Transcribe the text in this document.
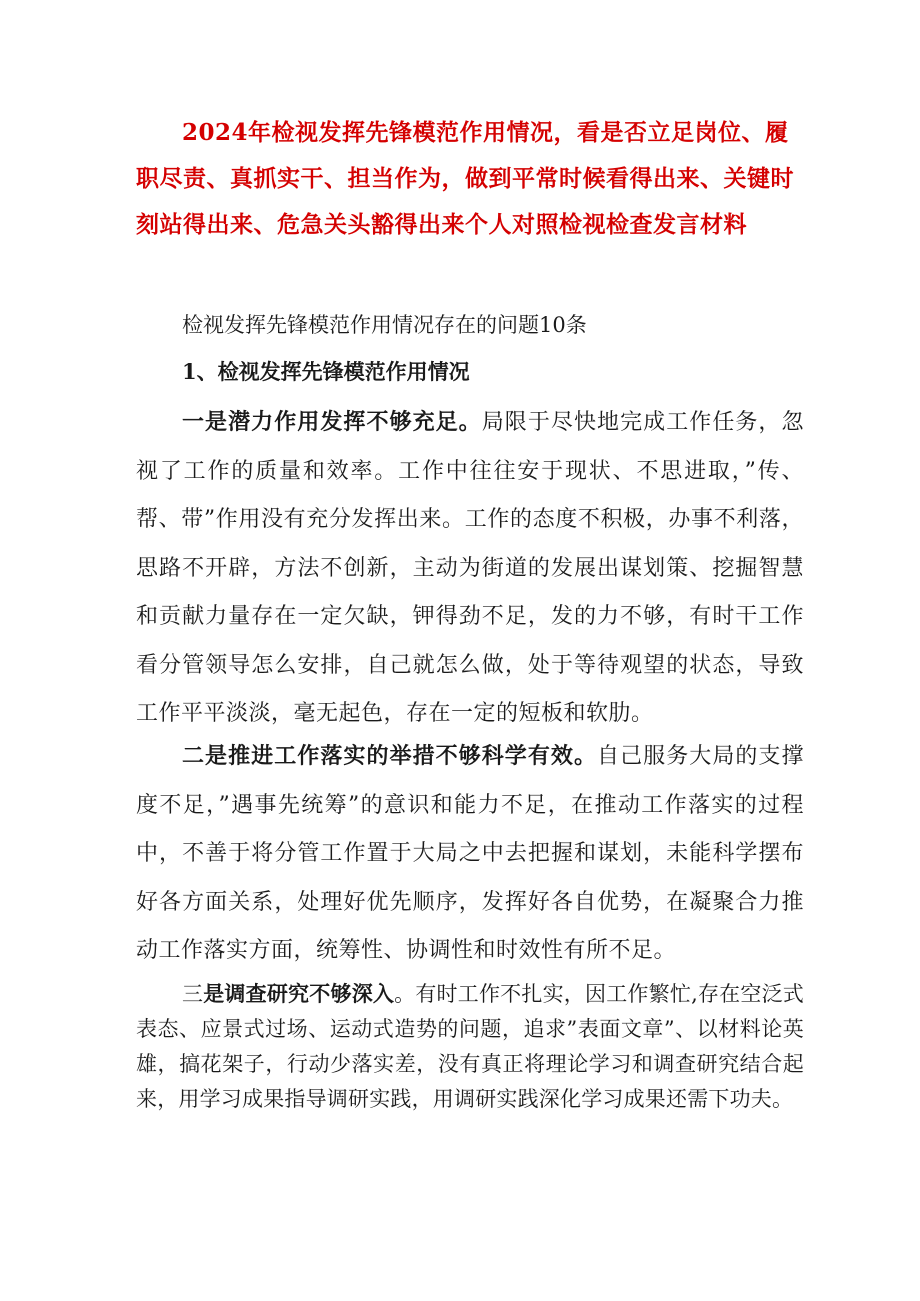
2024年检视发挥先锋模范作用情况，看是否立足岗位、履职尽责、真抓实干、担当作为，做到平常时候看得出来、关键时刻站得出来、危急关头豁得出来个人对照检视检查发言材料

检视发挥先锋模范作用情况存在的问题10条

1、检视发挥先锋模范作用情况

一是潜力作用发挥不够充足。局限于尽快地完成工作任务，忽视了工作的质量和效率。工作中往往安于现状、不思进取，”传、帮、带”作用没有充分发挥出来。工作的态度不积极，办事不利落，思路不开辟，方法不创新，主动为街道的发展出谋划策、挖掘智慧和贡献力量存在一定欠缺，钾得劲不足，发的力不够，有时干工作看分管领导怎么安排，自己就怎么做，处于等待观望的状态，导致工作平平淡淡，毫无起色，存在一定的短板和软肋。

二是推进工作落实的举措不够科学有效。自己服务大局的支撑度不足，”遇事先统筹”的意识和能力不足，在推动工作落实的过程中，不善于将分管工作置于大局之中去把握和谋划，未能科学摆布好各方面关系，处理好优先顺序，发挥好各自优势，在凝聚合力推动工作落实方面，统筹性、协调性和时效性有所不足。

三是调查研究不够深入。有时工作不扎实，因工作繁忙,存在空泛式表态、应景式过场、运动式造势的问题，追求”表面文章”、以材料论英雄，搞花架子，行动少落实差，没有真正将理论学习和调查研究结合起来，用学习成果指导调研实践，用调研实践深化学习成果还需下功夫。
